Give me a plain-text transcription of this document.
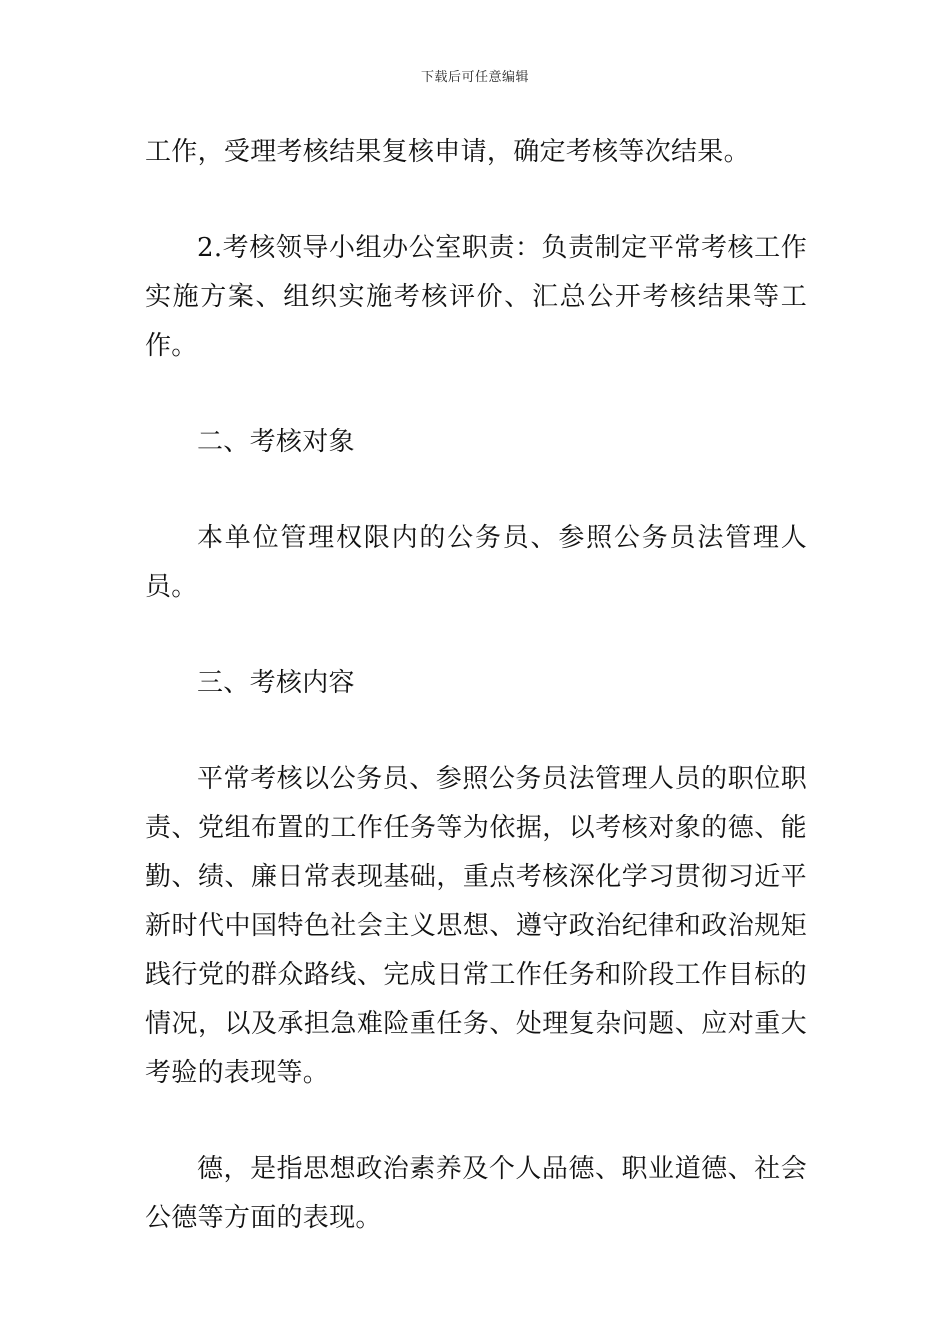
下载后可任意编辑

工作，受理考核结果复核申请，确定考核等次结果。

2.考核领导小组办公室职责：负责制定平常考核工作实施方案、组织实施考核评价、汇总公开考核结果等工作。

二、考核对象

本单位管理权限内的公务员、参照公务员法管理人员。

三、考核内容

平常考核以公务员、参照公务员法管理人员的职位职责、党组布置的工作任务等为依据，以考核对象的德、能勤、绩、廉日常表现基础，重点考核深化学习贯彻习近平新时代中国特色社会主义思想、遵守政治纪律和政治规矩践行党的群众路线、完成日常工作任务和阶段工作目标的情况，以及承担急难险重任务、处理复杂问题、应对重大考验的表现等。

德，是指思想政治素养及个人品德、职业道德、社会公德等方面的表现。
